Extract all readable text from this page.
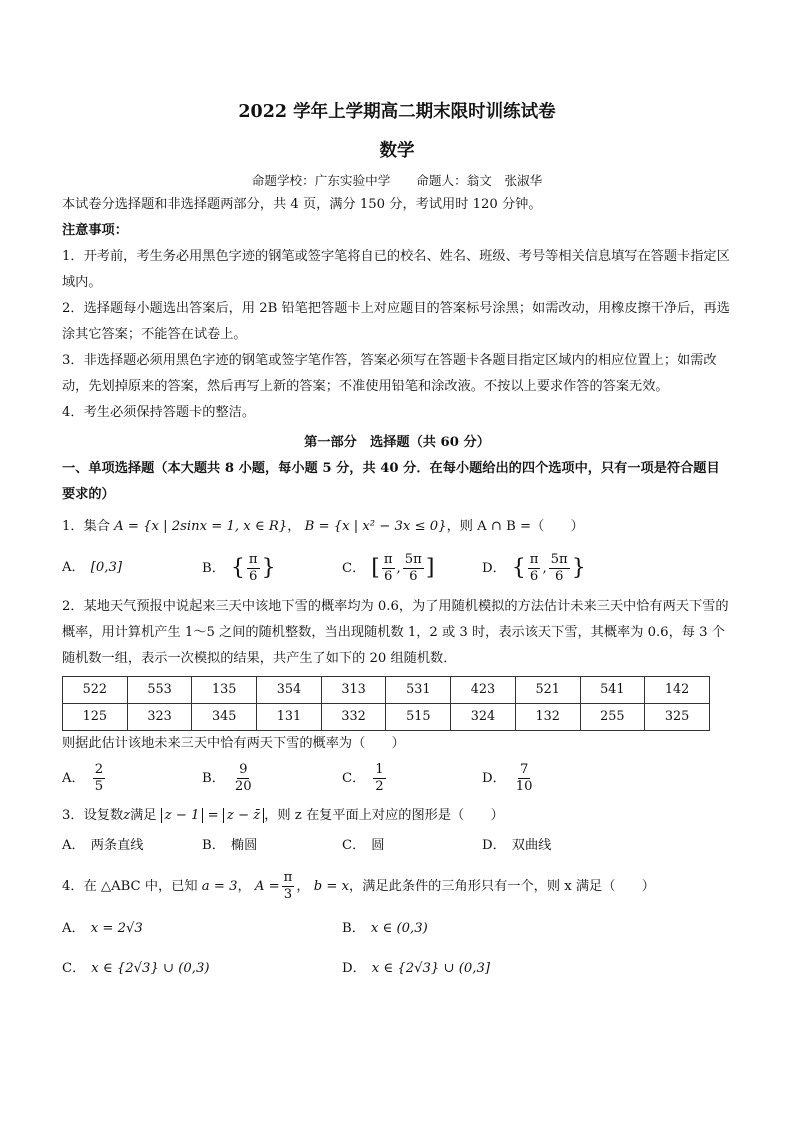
2022 学年上学期高二期末限时训练试卷
数学
命题学校：广东实验中学 命题人：翁文　张淑华

本试卷分选择题和非选择题两部分，共 4 页，满分 150 分，考试用时 120 分钟。

注意事项：

1．开考前，考生务必用黑色字迹的钢笔或签字笔将自已的校名、姓名、班级、考号等相关信息填写在答题卡指定区域内。

2．选择题每小题选出答案后，用 2B 铅笔把答题卡上对应题目的答案标号涂黑；如需改动，用橡皮擦干净后，再选涂其它答案；不能答在试卷上。

3．非选择题必须用黑色字迹的钢笔或签字笔作答，答案必须写在答题卡各题目指定区域内的相应位置上；如需改动，先划掉原来的答案，然后再写上新的答案；不准使用铅笔和涂改液。不按以上要求作答的答案无效。

4．考生必须保持答题卡的整洁。

第一部分　选择题（共 60 分）

一、单项选择题（本大题共 8 小题，每小题 5 分，共 40 分．在每小题给出的四个选项中，只有一项是符合题目要求的）

1．集合 A = {x | 2sinx = 1, x ∈ R}， B = {x | x² − 3x ≤ 0}，则 A ∩ B =（　　）

A． [0,3]	B． { $\frac{\pi}{6}$ }	C． [ $\frac{\pi}{6}$ , $\frac{5\pi}{6}$ ]	D． { $\frac{\pi}{6}$ , $\frac{5\pi}{6}$ }

2．某地天气预报中说起来三天中该地下雪的概率均为 0.6，为了用随机模拟的方法估计未来三天中恰有两天下雪的概率，用计算机产生 1～5 之间的随机整数，当出现随机数 1，2 或 3 时，表示该天下雪，其概率为 0.6，每 3 个随机数一组，表示一次模拟的结果，共产生了如下的 20 组随机数．

522	553	135	354	313	531	423	521	541	142
125	323	345	131	332	515	324	132	255	325

则据此估计该地未来三天中恰有两天下雪的概率为（　　）

A． $\frac{2}{5}$	B． $\frac{9}{20}$	C． $\frac{1}{2}$	D． $\frac{7}{10}$

3．设复数z满足 z − 1 = z − z̄ ，则 z 在复平面上对应的图形是（　　）

A． 两条直线	B． 椭圆	C． 圆	D． 双曲线

4．在 △ABC 中，已知 a = 3， $A = \frac{\pi}{3}$ ， b = x，满足此条件的三角形只有一个，则 x 满足（　　）

A． x = 2√3	B． x ∈ (0,3)
C． x ∈ {2√3} ∪ (0,3)	D． x ∈ {2√3} ∪ (0,3]
